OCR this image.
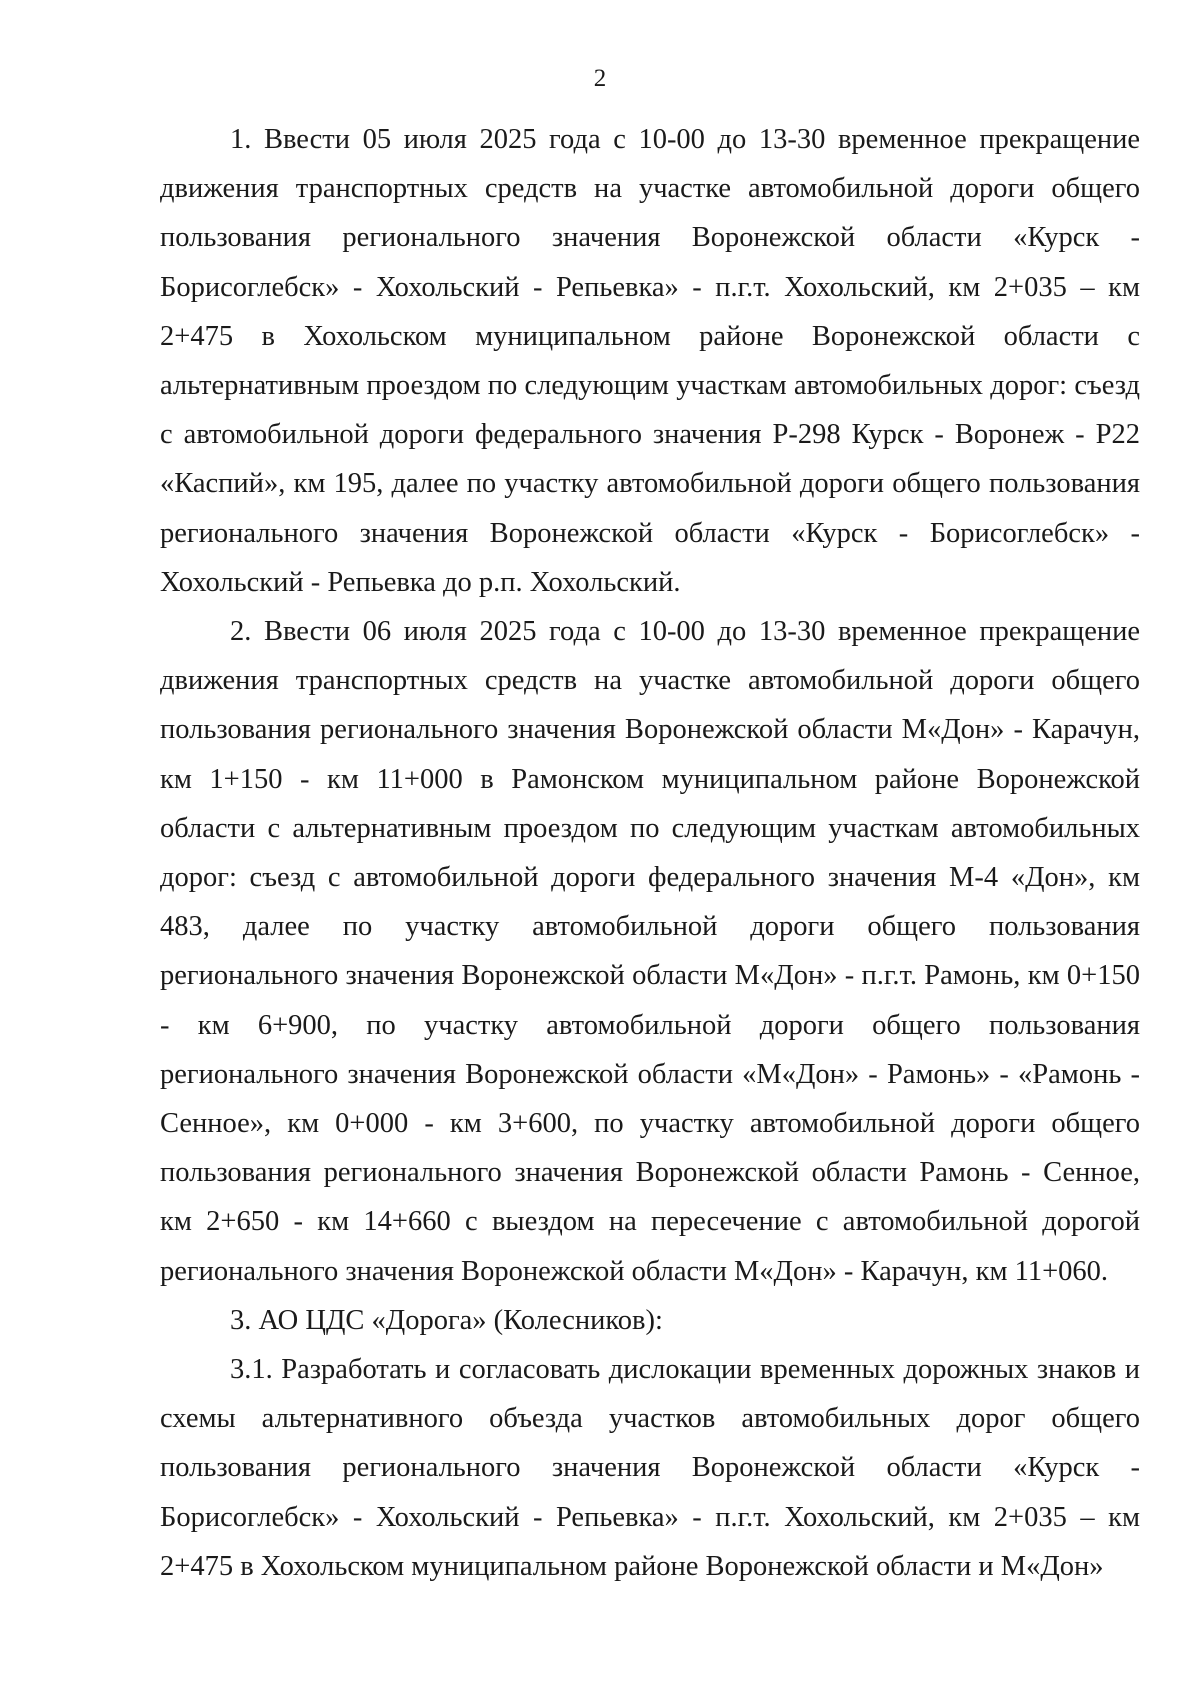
2

1. Ввести 05 июля 2025 года с 10-00 до 13-30 временное прекращение движения транспортных средств на участке автомобильной дороги общего пользования регионального значения Воронежской области «Курск - Борисоглебск» - Хохольский - Репьевка» - п.г.т. Хохольский, км 2+035 – км 2+475 в Хохольском муниципальном районе Воронежской области с альтернативным проездом по следующим участкам автомобильных дорог: съезд с автомобильной дороги федерального значения Р-298 Курск - Воронеж - Р22 «Каспий», км 195, далее по участку автомобильной дороги общего пользования регионального значения Воронежской области «Курск - Борисоглебск» - Хохольский - Репьевка до р.п. Хохольский.

2. Ввести 06 июля 2025 года с 10-00 до 13-30 временное прекращение движения транспортных средств на участке автомобильной дороги общего пользования регионального значения Воронежской области М«Дон» - Карачун, км 1+150 - км 11+000 в Рамонском муниципальном районе Воронежской области с альтернативным проездом по следующим участкам автомобильных дорог: съезд с автомобильной дороги федерального значения М-4 «Дон», км 483, далее по участку автомобильной дороги общего пользования регионального значения Воронежской области М«Дон» - п.г.т. Рамонь, км 0+150 - км 6+900, по участку автомобильной дороги общего пользования регионального значения Воронежской области «М«Дон» - Рамонь» - «Рамонь - Сенное», км 0+000 - км 3+600, по участку автомобильной дороги общего пользования регионального значения Воронежской области Рамонь - Сенное, км 2+650 - км 14+660 с выездом на пересечение с автомобильной дорогой регионального значения Воронежской области М«Дон» - Карачун, км 11+060.

3. АО ЦДС «Дорога» (Колесников):

3.1. Разработать и согласовать дислокации временных дорожных знаков и схемы альтернативного объезда участков автомобильных дорог общего пользования регионального значения Воронежской области «Курск - Борисоглебск» - Хохольский - Репьевка» - п.г.т. Хохольский, км 2+035 – км 2+475 в Хохольском муниципальном районе Воронежской области и М«Дон»
